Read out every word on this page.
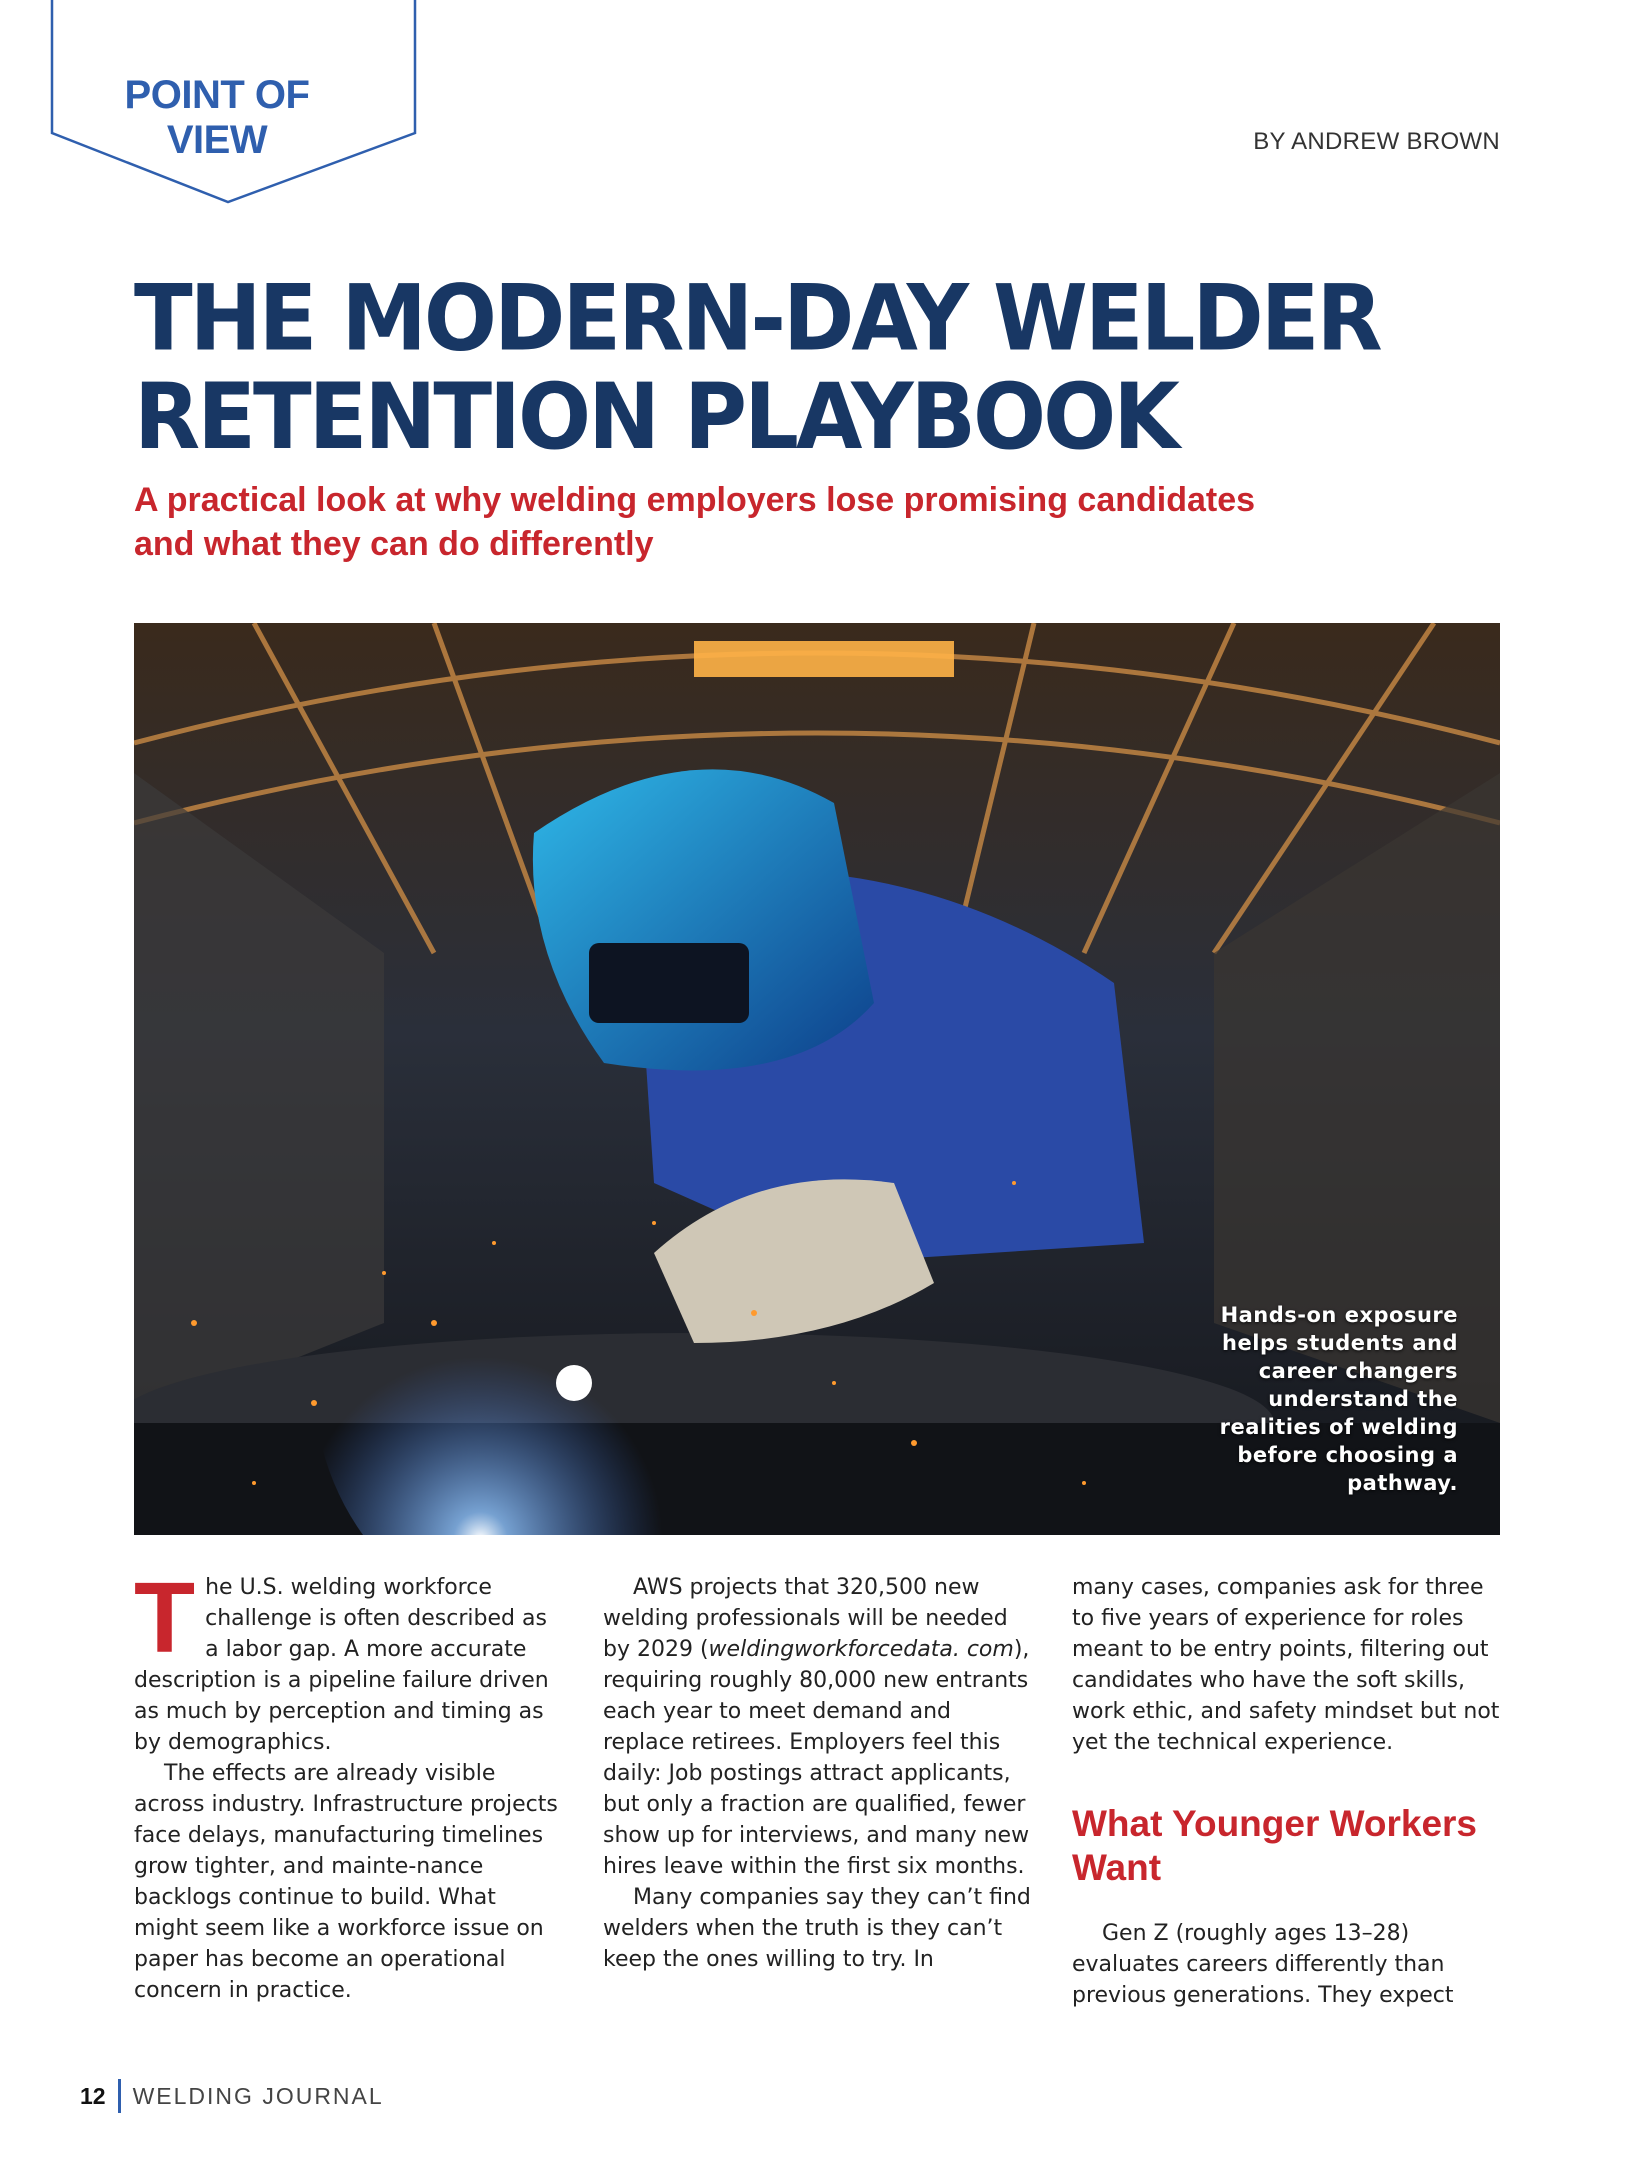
POINT OF
VIEW	BY ANDREW BROWN
THE MODERN-DAY WELDER
RETENTION PLAYBOOK
A practical look at why welding employers lose promising candidates
and what they can do differently
Hands-on exposure helps students and career changers understand the realities of welding before choosing a pathway.

The U.S. welding workforce challenge is often described as a labor gap. A more accurate description is a pipeline failure driven as much by perception and timing as by demographics.

The effects are already visible across industry. Infrastructure projects face delays, manufacturing timelines grow tighter, and mainte-nance backlogs continue to build. What might seem like a workforce issue on paper has become an operational concern in practice.

AWS projects that 320,500 new welding professionals will be needed by 2029 (weldingworkforcedata. com), requiring roughly 80,000 new entrants each year to meet demand and replace retirees. Employers feel this daily: Job postings attract applicants, but only a fraction are qualified, fewer show up for interviews, and many new hires leave within the first six months.

Many companies say they can’t find welders when the truth is they can’t keep the ones willing to try. In

many cases, companies ask for three to five years of experience for roles meant to be entry points, filtering out candidates who have the soft skills, work ethic, and safety mindset but not yet the technical experience.

What Younger Workers Want

Gen Z (roughly ages 13–28) evaluates careers differently than previous generations. They expect

12 WELDING JOURNAL
